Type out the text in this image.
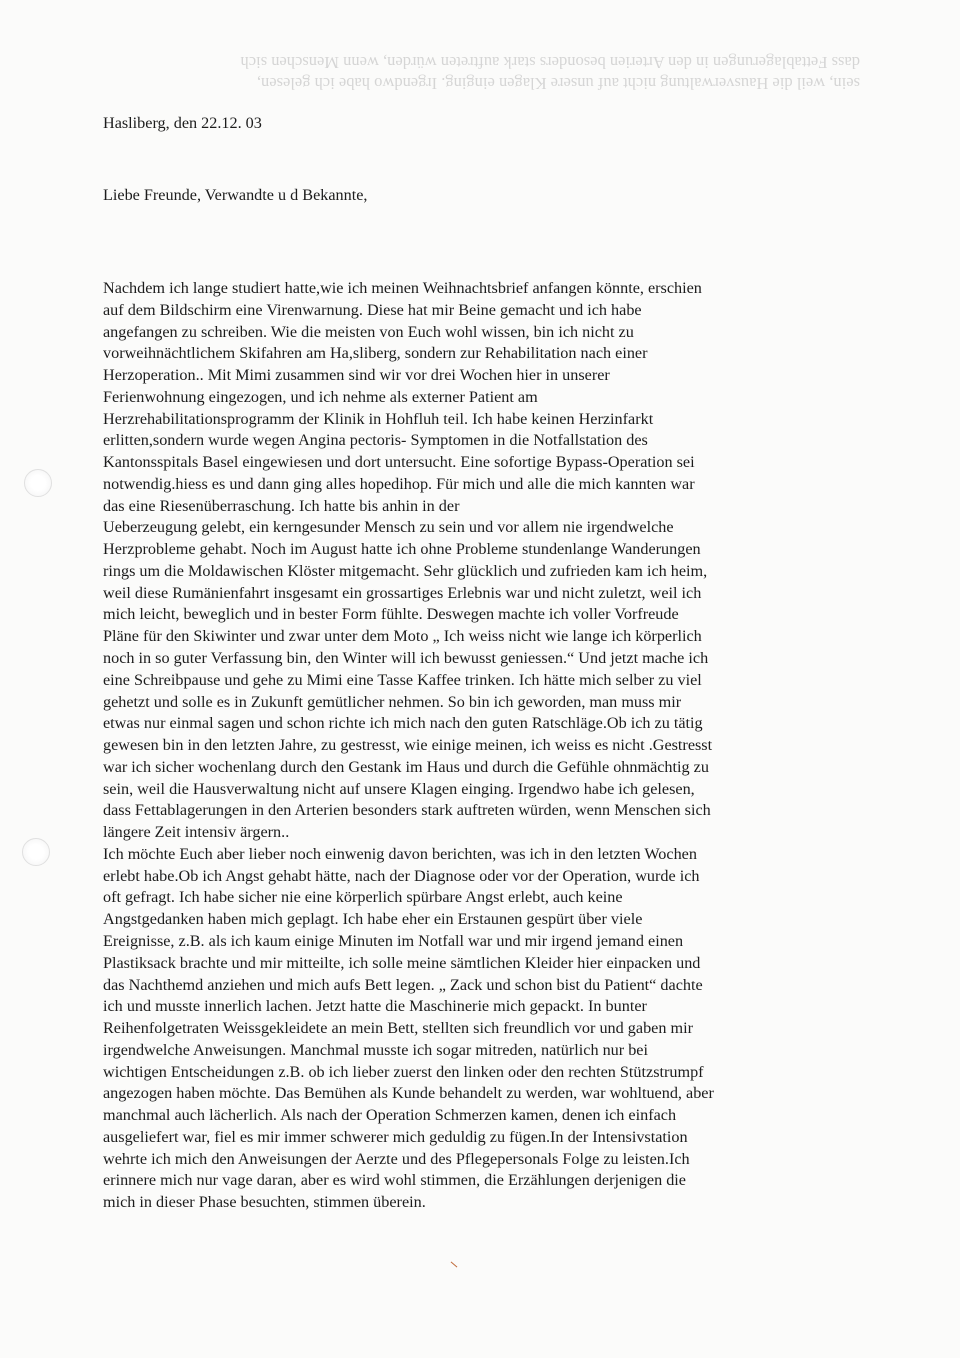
sein, weil die Hausverwaltung nicht auf unsere Klagen einging. Irgendwo habe ich gelesen,
dass Fettablagerungen in den Arterien besonders stark auftreten würden, wenn Menschen sich

Hasliberg, den 22.12. 03

Liebe Freunde, Verwandte u d Bekannte,

Nachdem ich lange studiert hatte,wie ich meinen Weihnachtsbrief anfangen könnte, erschien
auf dem Bildschirm eine Virenwarnung. Diese hat mir Beine gemacht und ich habe
angefangen zu schreiben. Wie die meisten von Euch wohl wissen, bin ich nicht zu
vorweihnächtlichem Skifahren am Ha,sliberg, sondern zur Rehabilitation nach einer
Herzoperation.. Mit Mimi zusammen sind wir vor drei Wochen hier in unserer
Ferienwohnung eingezogen, und ich nehme als externer Patient am
Herzrehabilitationsprogramm der Klinik in Hohfluh teil. Ich habe keinen Herzinfarkt
erlitten,sondern wurde wegen Angina pectoris- Symptomen in die Notfallstation des
Kantonsspitals Basel eingewiesen und dort untersucht. Eine sofortige Bypass-Operation sei
notwendig.hiess es und dann ging alles hopedihop. Für mich und alle die mich kannten war
das eine Riesenüberraschung. Ich hatte bis anhin in der
Ueberzeugung gelebt, ein kerngesunder Mensch zu sein und vor allem nie irgendwelche
Herzprobleme gehabt. Noch im August hatte ich ohne Probleme stundenlange Wanderungen
rings um die Moldawischen Klöster mitgemacht. Sehr glücklich und zufrieden kam ich heim,
weil diese Rumänienfahrt insgesamt ein grossartiges Erlebnis war und nicht zuletzt, weil ich
mich leicht, beweglich und in bester Form fühlte. Deswegen machte ich voller Vorfreude
Pläne für den Skiwinter und zwar unter dem Moto „ Ich weiss nicht wie lange ich körperlich
noch in so guter Verfassung bin, den Winter will ich bewusst geniessen.“ Und jetzt mache ich
eine Schreibpause und gehe zu Mimi eine Tasse Kaffee trinken. Ich hätte mich selber zu viel
gehetzt und solle es in Zukunft gemütlicher nehmen. So bin ich geworden, man muss mir
etwas nur einmal sagen und schon richte ich mich nach den guten Ratschläge.Ob ich zu tätig
gewesen bin in den letzten Jahre, zu gestresst, wie einige meinen, ich weiss es nicht .Gestresst
war ich sicher wochenlang durch den Gestank im Haus und durch die Gefühle ohnmächtig zu
sein, weil die Hausverwaltung nicht auf unsere Klagen einging. Irgendwo habe ich gelesen,
dass Fettablagerungen in den Arterien besonders stark auftreten würden, wenn Menschen sich
längere Zeit intensiv ärgern..
Ich möchte Euch aber lieber noch einwenig davon berichten, was ich in den letzten Wochen
erlebt habe.Ob ich Angst gehabt hätte, nach der Diagnose oder vor der Operation, wurde ich
oft gefragt. Ich habe sicher nie eine körperlich spürbare Angst erlebt, auch keine
Angstgedanken haben mich geplagt. Ich habe eher ein Erstaunen gespürt über viele
Ereignisse, z.B. als ich kaum einige Minuten im Notfall war und mir irgend jemand einen
Plastiksack brachte und mir mitteilte, ich solle meine sämtlichen Kleider hier einpacken und
das Nachthemd anziehen und mich aufs Bett legen. „ Zack und schon bist du Patient“ dachte
ich und musste innerlich lachen. Jetzt hatte die Maschinerie mich gepackt. In bunter
Reihenfolgetraten Weissgekleidete an mein Bett, stellten sich freundlich vor und gaben mir
irgendwelche Anweisungen. Manchmal musste ich sogar mitreden, natürlich nur bei
wichtigen Entscheidungen z.B. ob ich lieber zuerst den linken oder den rechten Stützstrumpf
angezogen haben möchte. Das Bemühen als Kunde behandelt zu werden, war wohltuend, aber
manchmal auch lächerlich. Als nach der Operation Schmerzen kamen, denen ich einfach
ausgeliefert war, fiel es mir immer schwerer mich geduldig zu fügen.In der Intensivstation
wehrte ich mich den Anweisungen der Aerzte und des Pflegepersonals Folge zu leisten.Ich
erinnere mich nur vage daran, aber es wird wohl stimmen, die Erzählungen derjenigen die
mich in dieser Phase besuchten, stimmen überein.
